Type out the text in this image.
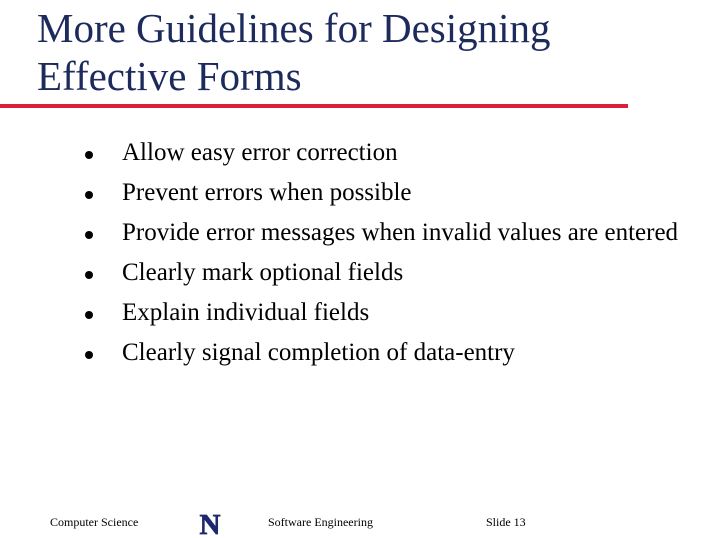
More Guidelines for Designing
Effective Forms
Allow easy error correction
Prevent errors when possible
Provide error messages when invalid values are entered
Clearly mark optional fields
Explain individual fields
Clearly signal completion of data-entry
Computer Science N	Software Engineering	Slide 13
